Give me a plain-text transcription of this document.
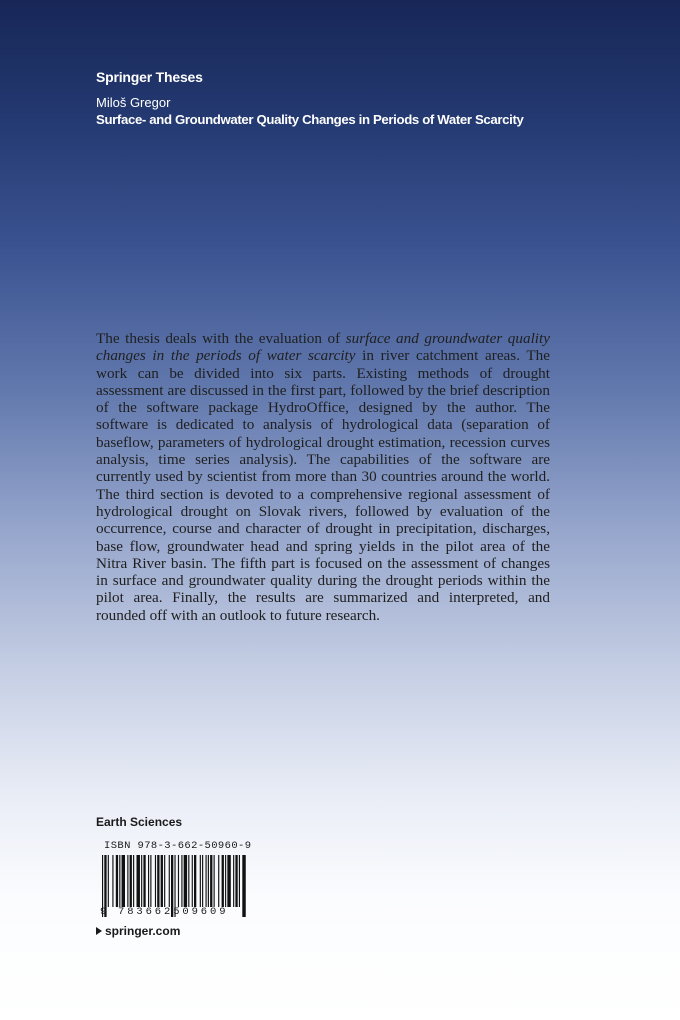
Springer Theses
Miloš Gregor
Surface- and Groundwater Quality Changes in Periods of Water Scarcity

The thesis deals with the evaluation of surface and groundwater quality changes in the periods of water scarcity in river catchment areas. The work can be divided into six parts. Existing methods of drought assessment are discussed in the first part, followed by the brief description of the software package HydroOffice, designed by the author. The software is dedicated to analysis of hydrological data (separation of baseflow, parameters of hydrological drought estimation, recession curves analysis, time series analysis). The capabilities of the software are currently used by scientist from more than 30 countries around the world. The third section is devoted to a comprehensive regional assessment of hydrological drought on Slovak rivers, followed by evaluation of the occurrence, course and character of drought in precipitation, discharges, base flow, groundwater head and spring yields in the pilot area of the Nitra River basin. The fifth part is focused on the assessment of changes in surface and groundwater quality during the drought periods within the pilot area. Finally, the results are summarized and interpreted, and rounded off with an outlook to future research.

Earth Sciences
ISBN 978-3-662-50960-9
9 783662509609
springer.com
